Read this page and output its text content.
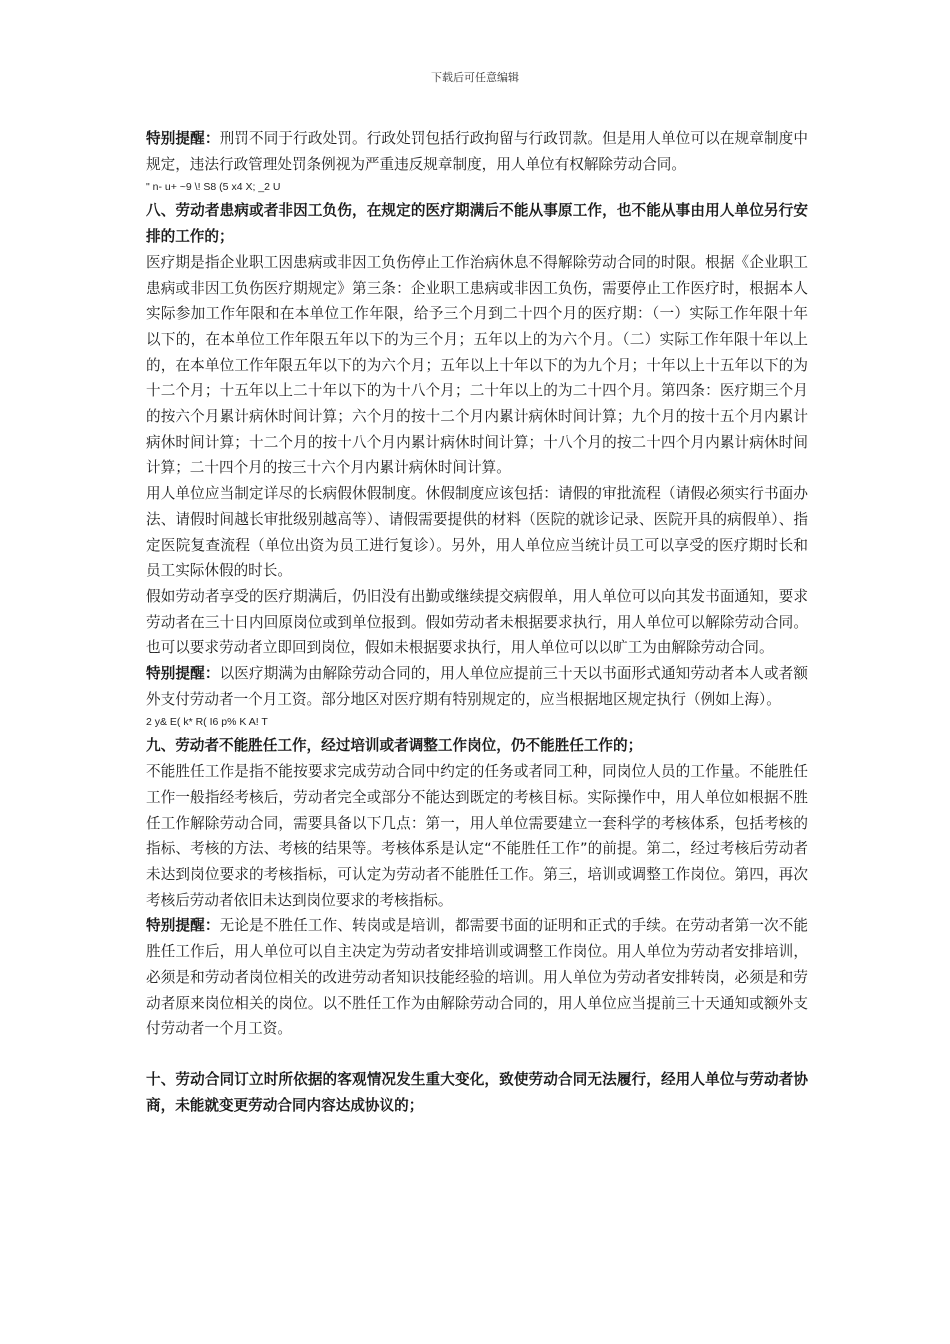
下载后可任意编辑

特别提醒：刑罚不同于行政处罚。行政处罚包括行政拘留与行政罚款。但是用人单位可以在规章制度中规定，违法行政管理处罚条例视为严重违反规章制度，用人单位有权解除劳动合同。

" n- u+ ~9 \! S8 (5 x4 X; _2 U

八、劳动者患病或者非因工负伤，在规定的医疗期满后不能从事原工作，也不能从事由用人单位另行安排的工作的；

医疗期是指企业职工因患病或非因工负伤停止工作治病休息不得解除劳动合同的时限。根据《企业职工患病或非因工负伤医疗期规定》第三条：企业职工患病或非因工负伤，需要停止工作医疗时，根据本人实际参加工作年限和在本单位工作年限，给予三个月到二十四个月的医疗期：（一）实际工作年限十年以下的，在本单位工作年限五年以下的为三个月；五年以上的为六个月。（二）实际工作年限十年以上的，在本单位工作年限五年以下的为六个月；五年以上十年以下的为九个月；十年以上十五年以下的为十二个月；十五年以上二十年以下的为十八个月；二十年以上的为二十四个月。第四条：医疗期三个月的按六个月累计病休时间计算；六个月的按十二个月内累计病休时间计算；九个月的按十五个月内累计病休时间计算；十二个月的按十八个月内累计病休时间计算；十八个月的按二十四个月内累计病休时间计算；二十四个月的按三十六个月内累计病休时间计算。

用人单位应当制定详尽的长病假休假制度。休假制度应该包括：请假的审批流程（请假必须实行书面办法、请假时间越长审批级别越高等）、请假需要提供的材料（医院的就诊记录、医院开具的病假单）、指定医院复查流程（单位出资为员工进行复诊）。另外，用人单位应当统计员工可以享受的医疗期时长和员工实际休假的时长。

假如劳动者享受的医疗期满后，仍旧没有出勤或继续提交病假单，用人单位可以向其发书面通知，要求劳动者在三十日内回原岗位或到单位报到。假如劳动者未根据要求执行，用人单位可以解除劳动合同。也可以要求劳动者立即回到岗位，假如未根据要求执行，用人单位可以以旷工为由解除劳动合同。

特别提醒：以医疗期满为由解除劳动合同的，用人单位应提前三十天以书面形式通知劳动者本人或者额外支付劳动者一个月工资。部分地区对医疗期有特别规定的，应当根据地区规定执行（例如上海）。

2 y& E( k* R( I6 p% K A! T

九、劳动者不能胜任工作，经过培训或者调整工作岗位，仍不能胜任工作的；

不能胜任工作是指不能按要求完成劳动合同中约定的任务或者同工种，同岗位人员的工作量。不能胜任工作一般指经考核后，劳动者完全或部分不能达到既定的考核目标。实际操作中，用人单位如根据不胜任工作解除劳动合同，需要具备以下几点：第一，用人单位需要建立一套科学的考核体系，包括考核的指标、考核的方法、考核的结果等。考核体系是认定“不能胜任工作”的前提。第二，经过考核后劳动者未达到岗位要求的考核指标，可认定为劳动者不能胜任工作。第三，培训或调整工作岗位。第四，再次考核后劳动者依旧未达到岗位要求的考核指标。

特别提醒：无论是不胜任工作、转岗或是培训，都需要书面的证明和正式的手续。在劳动者第一次不能胜任工作后，用人单位可以自主决定为劳动者安排培训或调整工作岗位。用人单位为劳动者安排培训，必须是和劳动者岗位相关的改进劳动者知识技能经验的培训。用人单位为劳动者安排转岗，必须是和劳动者原来岗位相关的岗位。以不胜任工作为由解除劳动合同的，用人单位应当提前三十天通知或额外支付劳动者一个月工资。

十、劳动合同订立时所依据的客观情况发生重大变化，致使劳动合同无法履行，经用人单位与劳动者协商，未能就变更劳动合同内容达成协议的；
